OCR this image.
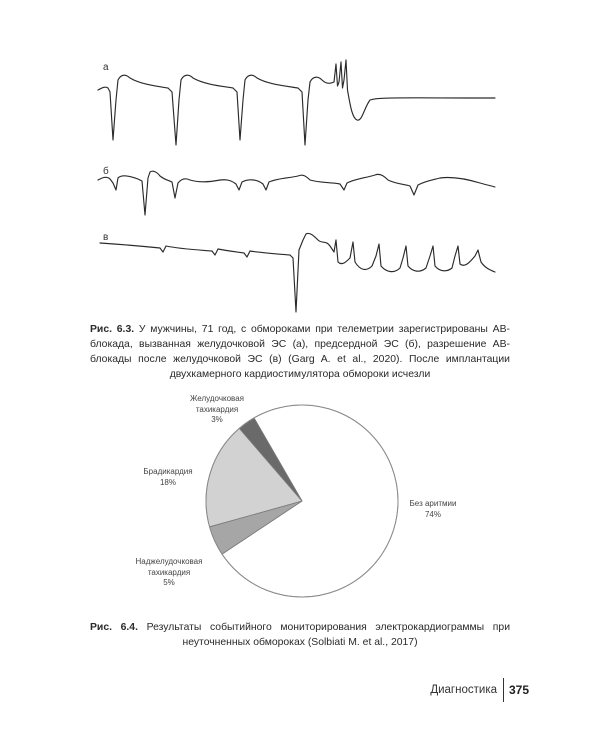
а
б
в

Рис. 6.3. У мужчины, 71 год, с обмороками при телеметрии зарегистрированы АВ-блокада, вызванная желудочковой ЭС (а), предсердной ЭС (б), разрешение АВ-блокады после желудочковой ЭС (в) (Garg A. et al., 2020). После имплантации двухкамерного кардиостимулятора обмороки исчезли

Желудочковая тахикардия
3%
Брадикардия
18%
Без аритмии
74%
Наджелудочковая тахикардия
5%

Рис. 6.4. Результаты событийного мониторирования электрокардиограммы при неуточненных обмороках (Solbiati M. et al., 2017)

Диагностика 375
